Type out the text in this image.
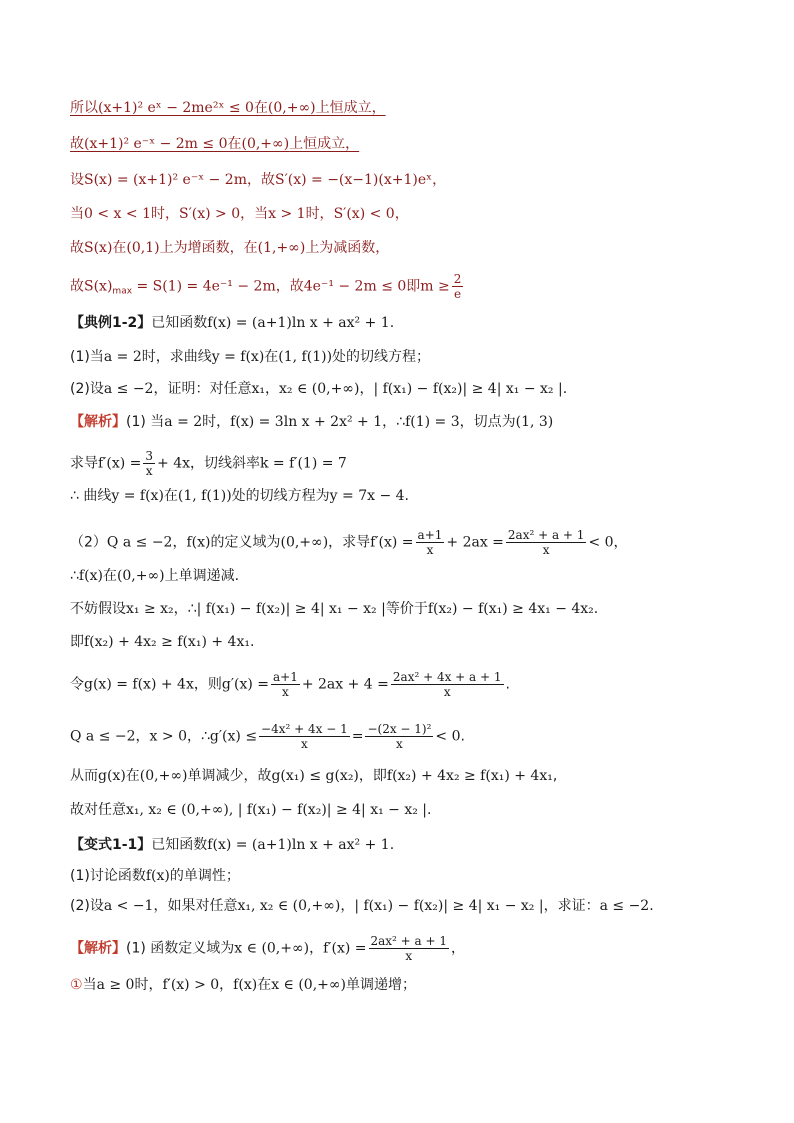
所以(x+1)² eˣ − 2me²ˣ ≤ 0在(0,+∞)上恒成立，
故(x+1)² e⁻ˣ − 2m ≤ 0在(0,+∞)上恒成立，
设S(x) = (x+1)² e⁻ˣ − 2m，故S′(x) = −(x−1)(x+1)eˣ，
当0 < x < 1时，S′(x) > 0，当x > 1时，S′(x) < 0，
故S(x)在(0,1)上为增函数，在(1,+∞)上为减函数，
故$S(x)_{max} = S(1) = 4e^{-1} - 2m$，故4e⁻¹ − 2m ≤ 0即$m \ge \frac{2}{e}$
【典例1-2】已知函数f(x) = (a+1)ln x + ax² + 1.
(1)当a = 2时，求曲线y = f(x)在(1, f(1))处的切线方程；
(2)设a ≤ −2，证明：对任意x₁，x₂ ∈ (0,+∞)，| f(x₁) − f(x₂)| ≥ 4| x₁ − x₂ |.
【解析】(1) 当a = 2时，f(x) = 3ln x + 2x² + 1，∴f(1) = 3，切点为(1, 3)
求导$f'(x) = \frac{3}{x} + 4x$，切线斜率k = f′(1) = 7
∴ 曲线y = f(x)在(1, f(1))处的切线方程为y = 7x − 4.
（2）Q a ≤ −2，f(x)的定义域为(0,+∞)，求导$f'(x) = \frac{a+1}{x} + 2ax = \frac{\text{2ax² + a + 1}}{x} < 0$，
∴f(x)在(0,+∞)上单调递减.
不妨假设x₁ ≥ x₂，∴| f(x₁) − f(x₂)| ≥ 4| x₁ − x₂ |等价于f(x₂) − f(x₁) ≥ 4x₁ − 4x₂.
即f(x₂) + 4x₂ ≥ f(x₁) + 4x₁.
令g(x) = f(x) + 4x，则$g'(x) = \frac{a+1}{x} + 2ax + 4 = \frac{\text{2ax² + 4x + a + 1}}{x}$ .
Q a ≤ −2，x > 0，∴g′(x) ≤ $\frac{\text{−4x² + 4x − 1}}{x} = \frac{\text{−(2x − 1)²}}{x} < 0$.
从而g(x)在(0,+∞)单调减少，故g(x₁) ≤ g(x₂)，即f(x₂) + 4x₂ ≥ f(x₁) + 4x₁,
故对任意x₁, x₂ ∈ (0,+∞), | f(x₁) − f(x₂)| ≥ 4| x₁ − x₂ |.
【变式1-1】已知函数f(x) = (a+1)ln x + ax² + 1.
(1)讨论函数f(x)的单调性；
(2)设a < −1，如果对任意x₁, x₂ ∈ (0,+∞)，| f(x₁) − f(x₂)| ≥ 4| x₁ − x₂ |，求证：a ≤ −2.
【解析】(1) 函数定义域为x ∈ (0,+∞)，$f'(x) = \frac{\text{2ax² + a + 1}}{x}$ ，
①当a ≥ 0时，f′(x) > 0，f(x)在x ∈ (0,+∞)单调递增；
